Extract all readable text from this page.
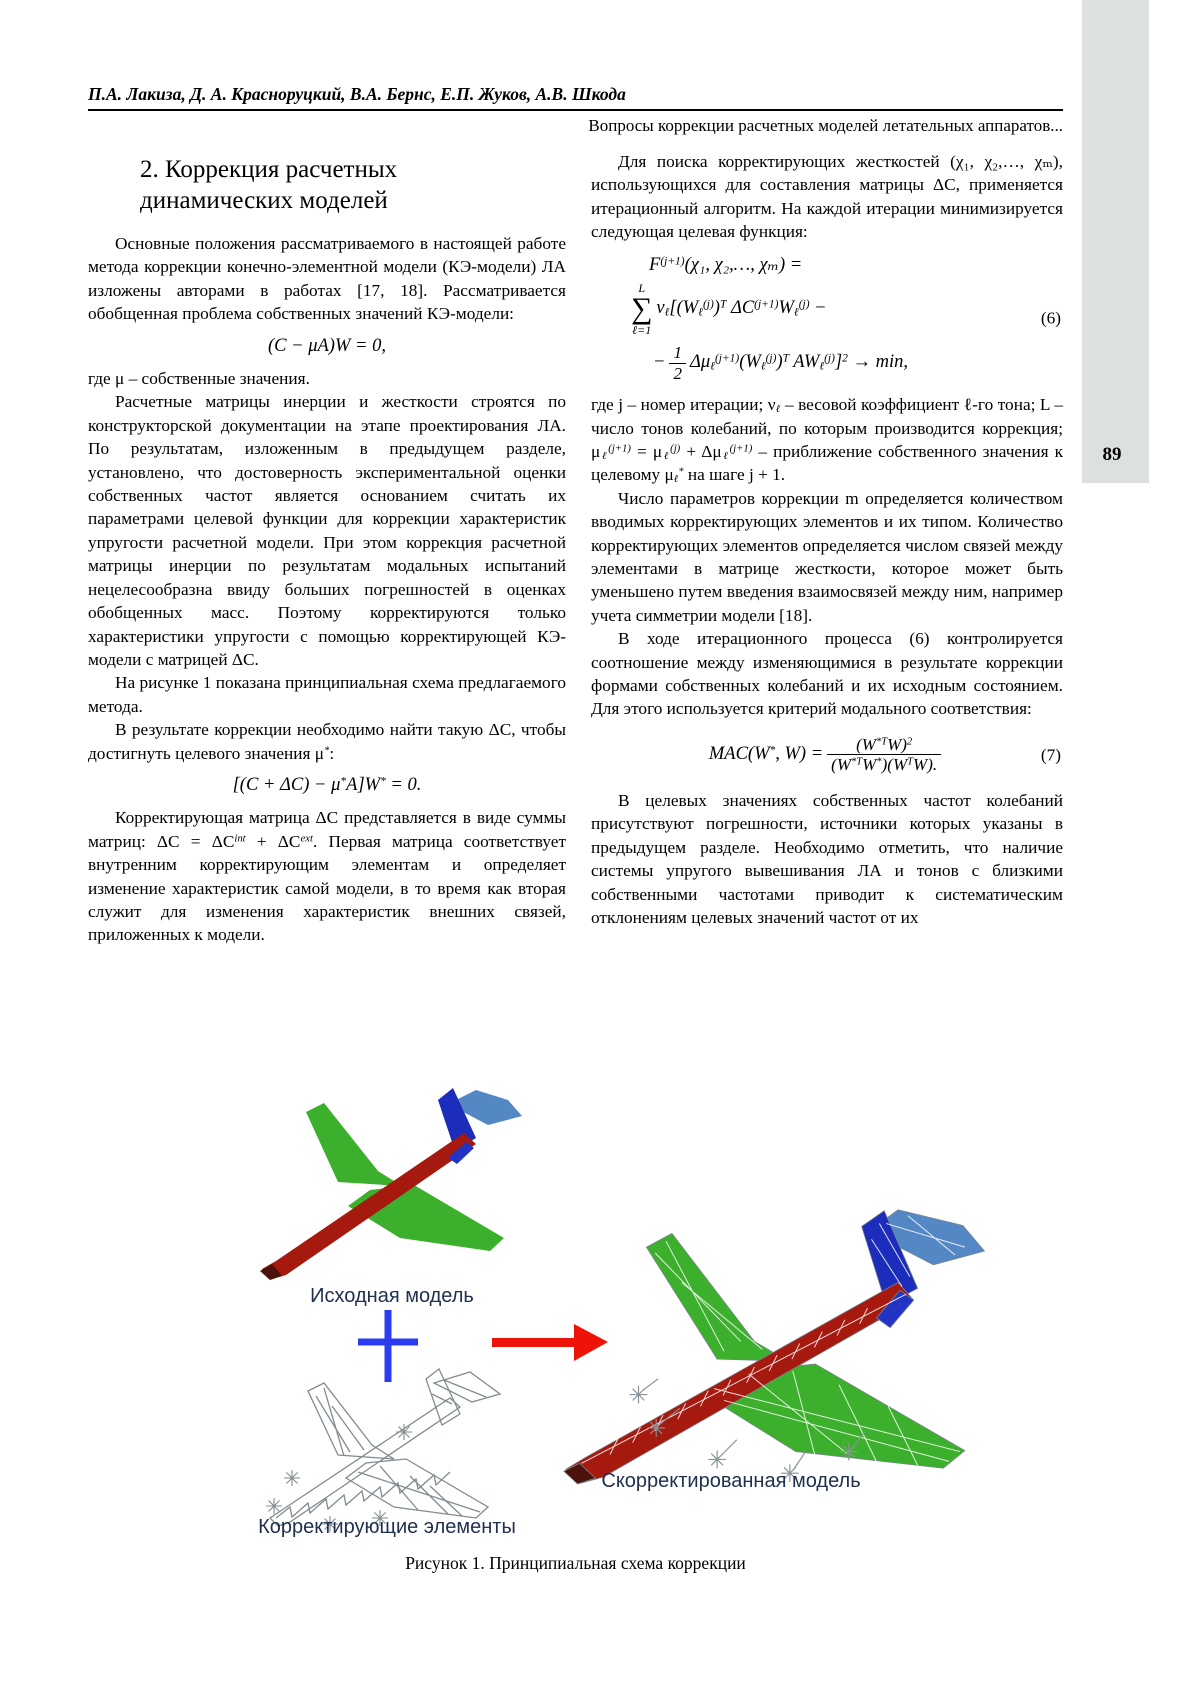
П.А. Лакиза, Д. А. Красноруцкий, В.А. Бернс, Е.П. Жуков, А.В. Шкода
Вопросы коррекции расчетных моделей летательных аппаратов...
89
2. Коррекция расчетных
динамических моделей

Основные положения рассматриваемого в настоящей работе метода коррекции конечно-элементной модели (КЭ-модели) ЛА изложены авторами в работах [17, 18]. Рассматривается обобщенная проблема собственных значений КЭ-модели:

(C − μA)W = 0,

где μ – собственные значения.

Расчетные матрицы инерции и жесткости строятся по конструкторской документации на этапе проектирования ЛА. По результатам, изложенным в предыдущем разделе, установлено, что достоверность экспериментальной оценки собственных частот является основанием считать их параметрами целевой функции для коррекции характеристик упругости расчетной модели. При этом коррекция расчетной матрицы инерции по результатам модальных испытаний нецелесообразна ввиду больших погрешностей в оценках обобщенных масс. Поэтому корректируются только характеристики упругости с помощью корректирующей КЭ-модели с матрицей ΔC.

На рисунке 1 показана принципиальная схема предлагаемого метода.

В результате коррекции необходимо найти такую ΔC, чтобы достигнуть целевого значения μ*:

[(C + ΔC) − μ*A]W* = 0.

Корректирующая матрица ΔC представляется в виде суммы матриц: $\Delta C = \Delta C^{int} + \Delta C^{ext}$. Первая матрица соответствует внутренним корректирующим элементам и определяет изменение характеристик самой модели, в то время как вторая служит для изменения характеристик внешних связей, приложенных к модели.

Для поиска корректирующих жесткостей (χ₁, χ₂,…, χₘ), использующихся для составления матрицы ΔC, применяется итерационный алгоритм. На каждой итерации минимизируется следующая целевая функция:

$F^{(j+1)}(\chi_1$, χ₂,…, χₘ) =
L
∑
ℓ=1
$\nu_\ell[(W_\ell^{(j)})^T$ $\Delta C^{(j+1)}W_\ell^{(j)}$ −
− $\frac{1}{2} \Delta\mu_\ell^{(j+1)}(W_\ell^{(j)})^T$ $AW_\ell^{(j)}]^2 \to \min$,
(6)

где j – номер итерации; $\nu_\ell$ – весовой коэффициент ℓ-го тона; L – число тонов колебаний, по которым производится коррекция; $\mu_\ell^{(j+1)} = \mu_\ell^{(j)} + \Delta\mu_\ell^{(j+1)}$ – приближение собственного значения к целевому $\mu_\ell^*$ на шаге j + 1.

Число параметров коррекции m определяется количеством вводимых корректирующих элементов и их типом. Количество корректирующих элементов определяется числом связей между элементами в матрице жесткости, которое может быть уменьшено путем введения взаимосвязей между ним, например учета симметрии модели [18].

В ходе итерационного процесса (6) контролируется соотношение между изменяющимися в результате коррекции формами собственных колебаний и их исходным состоянием. Для этого используется критерий модального соответствия:

MAC(W*, $W) = \frac{(W^{*T}W)^2}{(W^{*T}W^*)(W^TW).}$	(7)

В целевых значениях собственных частот колебаний присутствуют погрешности, источники которых указаны в предыдущем разделе. Необходимо отметить, что наличие системы упругого вывешивания ЛА и тонов с близкими собственными частотами приводит к систематическим отклонениям целевых значений частот от их

Исходная модель
Корректирующие элементы
Скорректированная модель
Рисунок 1. Принципиальная схема коррекции
